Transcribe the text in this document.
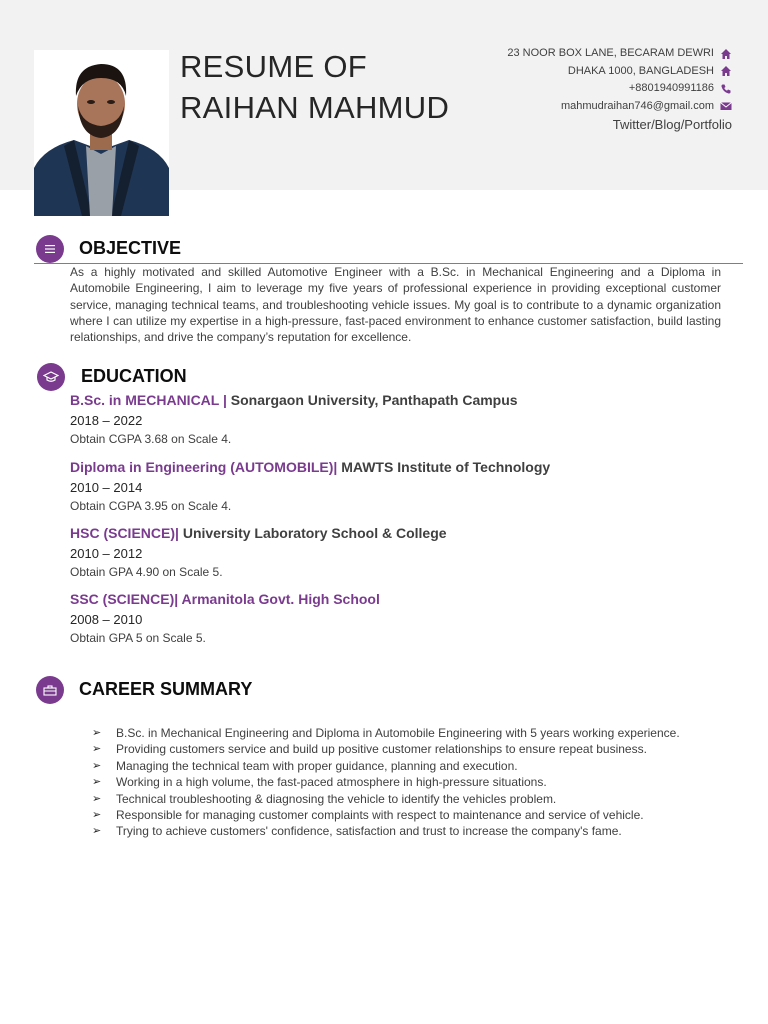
RESUME OF
RAIHAN MAHMUD
23 NOOR BOX LANE, BECARAM DEWRI
DHAKA 1000, BANGLADESH
+8801940991186
mahmudraihan746@gmail.com
Twitter/Blog/Portfolio
OBJECTIVE

As a highly motivated and skilled Automotive Engineer with a B.Sc. in Mechanical Engineering and a Diploma in Automobile Engineering, I aim to leverage my five years of professional experience in providing exceptional customer service, managing technical teams, and troubleshooting vehicle issues. My goal is to contribute to a dynamic organization where I can utilize my expertise in a high-pressure, fast-paced environment to enhance customer satisfaction, build lasting relationships, and drive the company’s reputation for excellence.

EDUCATION
B.Sc. in MECHANICAL | Sonargaon University, Panthapath Campus
2018 – 2022
Obtain CGPA 3.68 on Scale 4.
Diploma in Engineering (AUTOMOBILE)| MAWTS Institute of Technology
2010 – 2014
Obtain CGPA 3.95 on Scale 4.
HSC (SCIENCE)| University Laboratory School & College
2010 – 2012
Obtain GPA 4.90 on Scale 5.
SSC (SCIENCE)| Armanitola Govt. High School
2008 – 2010
Obtain GPA 5 on Scale 5.
CAREER SUMMARY
➢ B.Sc. in Mechanical Engineering and Diploma in Automobile Engineering with 5 years working experience.
➢ Providing customers service and build up positive customer relationships to ensure repeat business.
➢ Managing the technical team with proper guidance, planning and execution.
➢ Working in a high volume, the fast-paced atmosphere in high-pressure situations.
➢ Technical troubleshooting & diagnosing the vehicle to identify the vehicles problem.
➢ Responsible for managing customer complaints with respect to maintenance and service of vehicle.
➢ Trying to achieve customers' confidence, satisfaction and trust to increase the company's fame.
